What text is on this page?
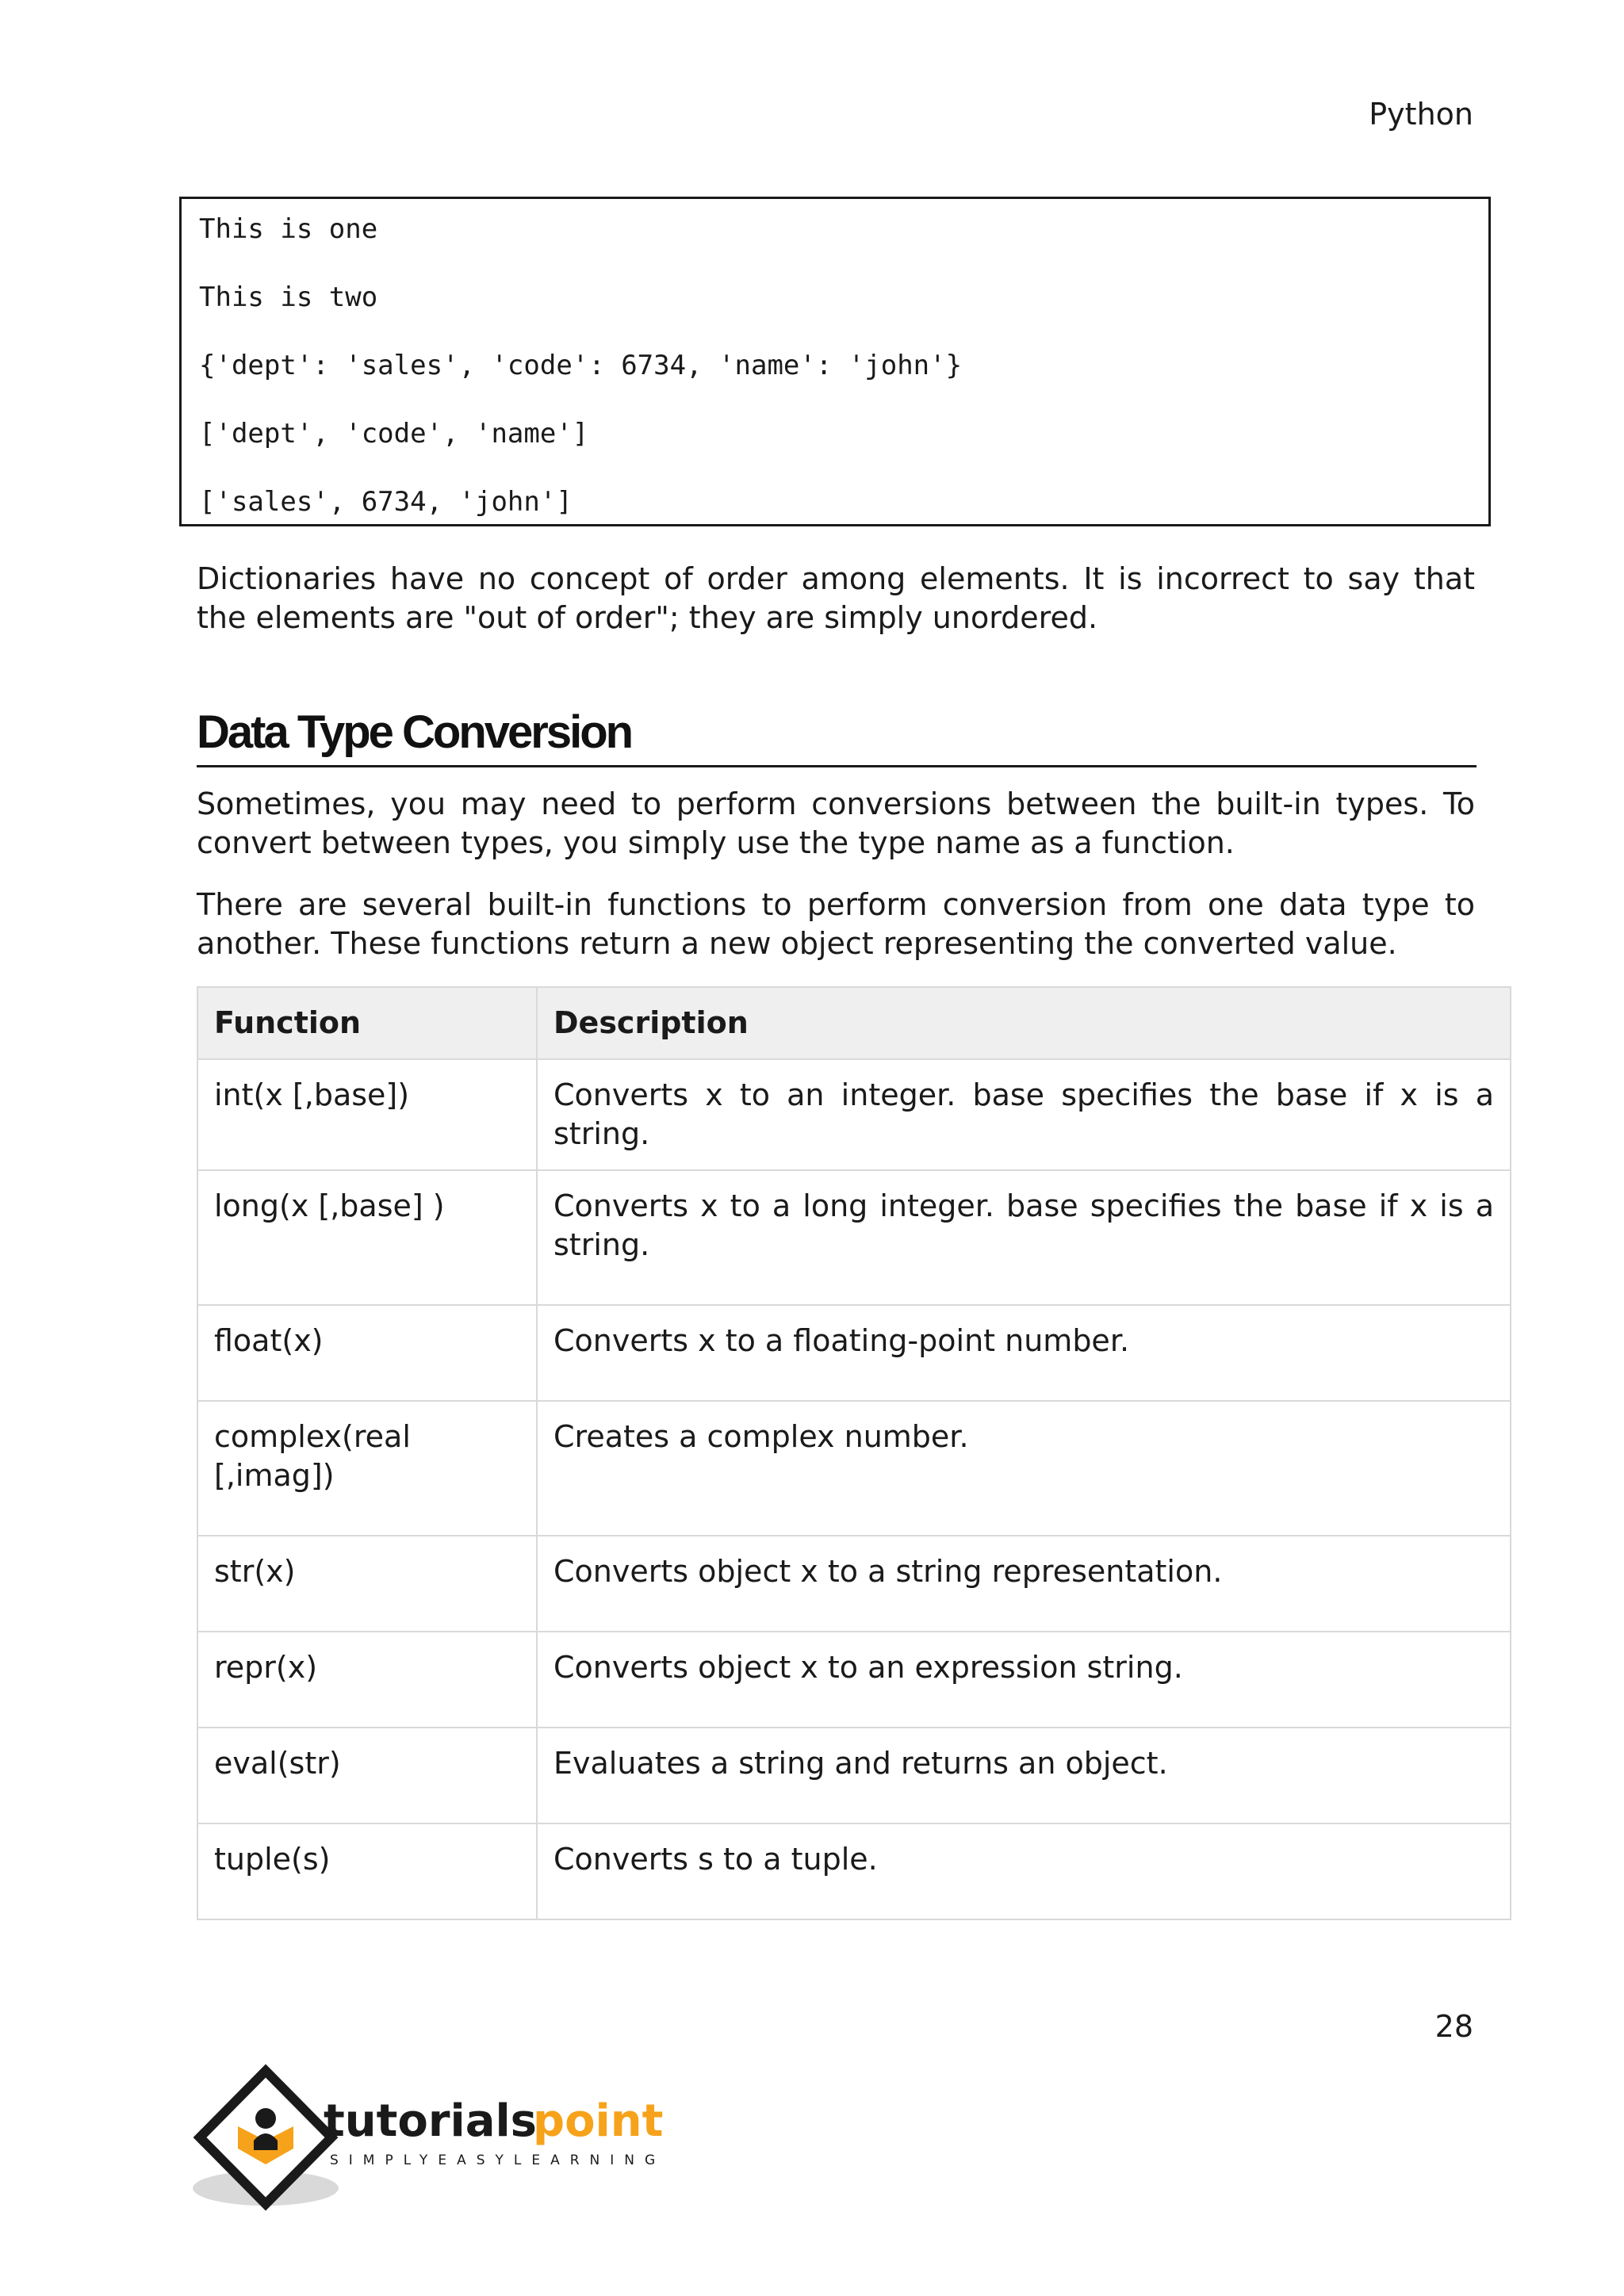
Python
This is one
This is two
{'dept': 'sales', 'code': 6734, 'name': 'john'}
['dept', 'code', 'name']
['sales', 6734, 'john']
Dictionaries have no concept of order among elements. It is incorrect to say that the elements are "out of order"; they are simply unordered.
Data Type Conversion
Sometimes, you may need to perform conversions between the built-in types. To convert between types, you simply use the type name as a function.
There are several built-in functions to perform conversion from one data type to another. These functions return a new object representing the converted value.
Function	Description
int(x [,base])	Converts x to an integer. base specifies the base if x is a string.
long(x [,base] )	Converts x to a long integer. base specifies the base if x is a string.
float(x)	Converts x to a floating-point number.
complex(real [,imag])	Creates a complex number.
str(x)	Converts object x to a string representation.
repr(x)	Converts object x to an expression string.
eval(str)	Evaluates a string and returns an object.
tuple(s)	Converts s to a tuple.
28
tutorials
point
SIMPLYEASYLEARNING
